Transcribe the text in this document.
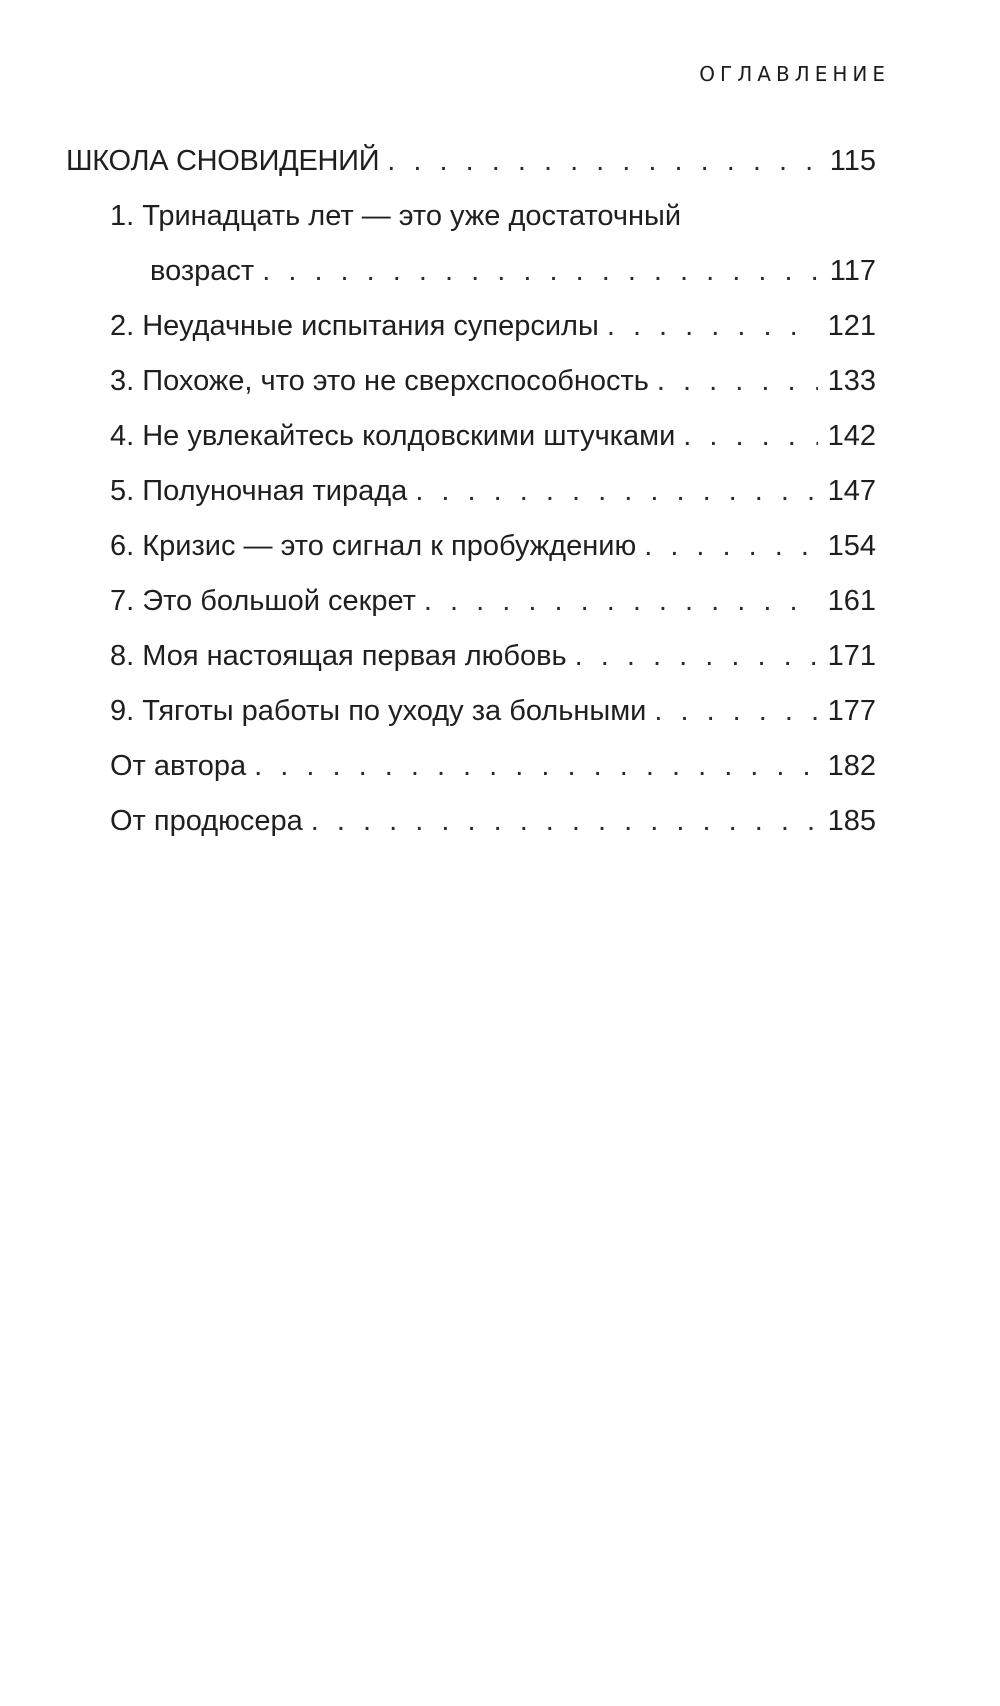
ОГЛАВЛЕНИЕ
ШКОЛА СНОВИДЕНИЙ . . .	115
1. Тринадцать лет — это уже достаточный
возраст . . .	117
2. Неудачные испытания суперсилы . . .	121
3. Похоже, что это не сверхспособность . . .	133
4. Не увлекайтесь колдовскими штучками . . .	142
5. Полуночная тирада . . .	147
6. Кризис — это сигнал к пробуждению . . .	154
7. Это большой секрет . . .	161
8. Моя настоящая первая любовь . . .	171
9. Тяготы работы по уходу за больными . . .	177
От автора . . .	182
От продюсера . . .	185
